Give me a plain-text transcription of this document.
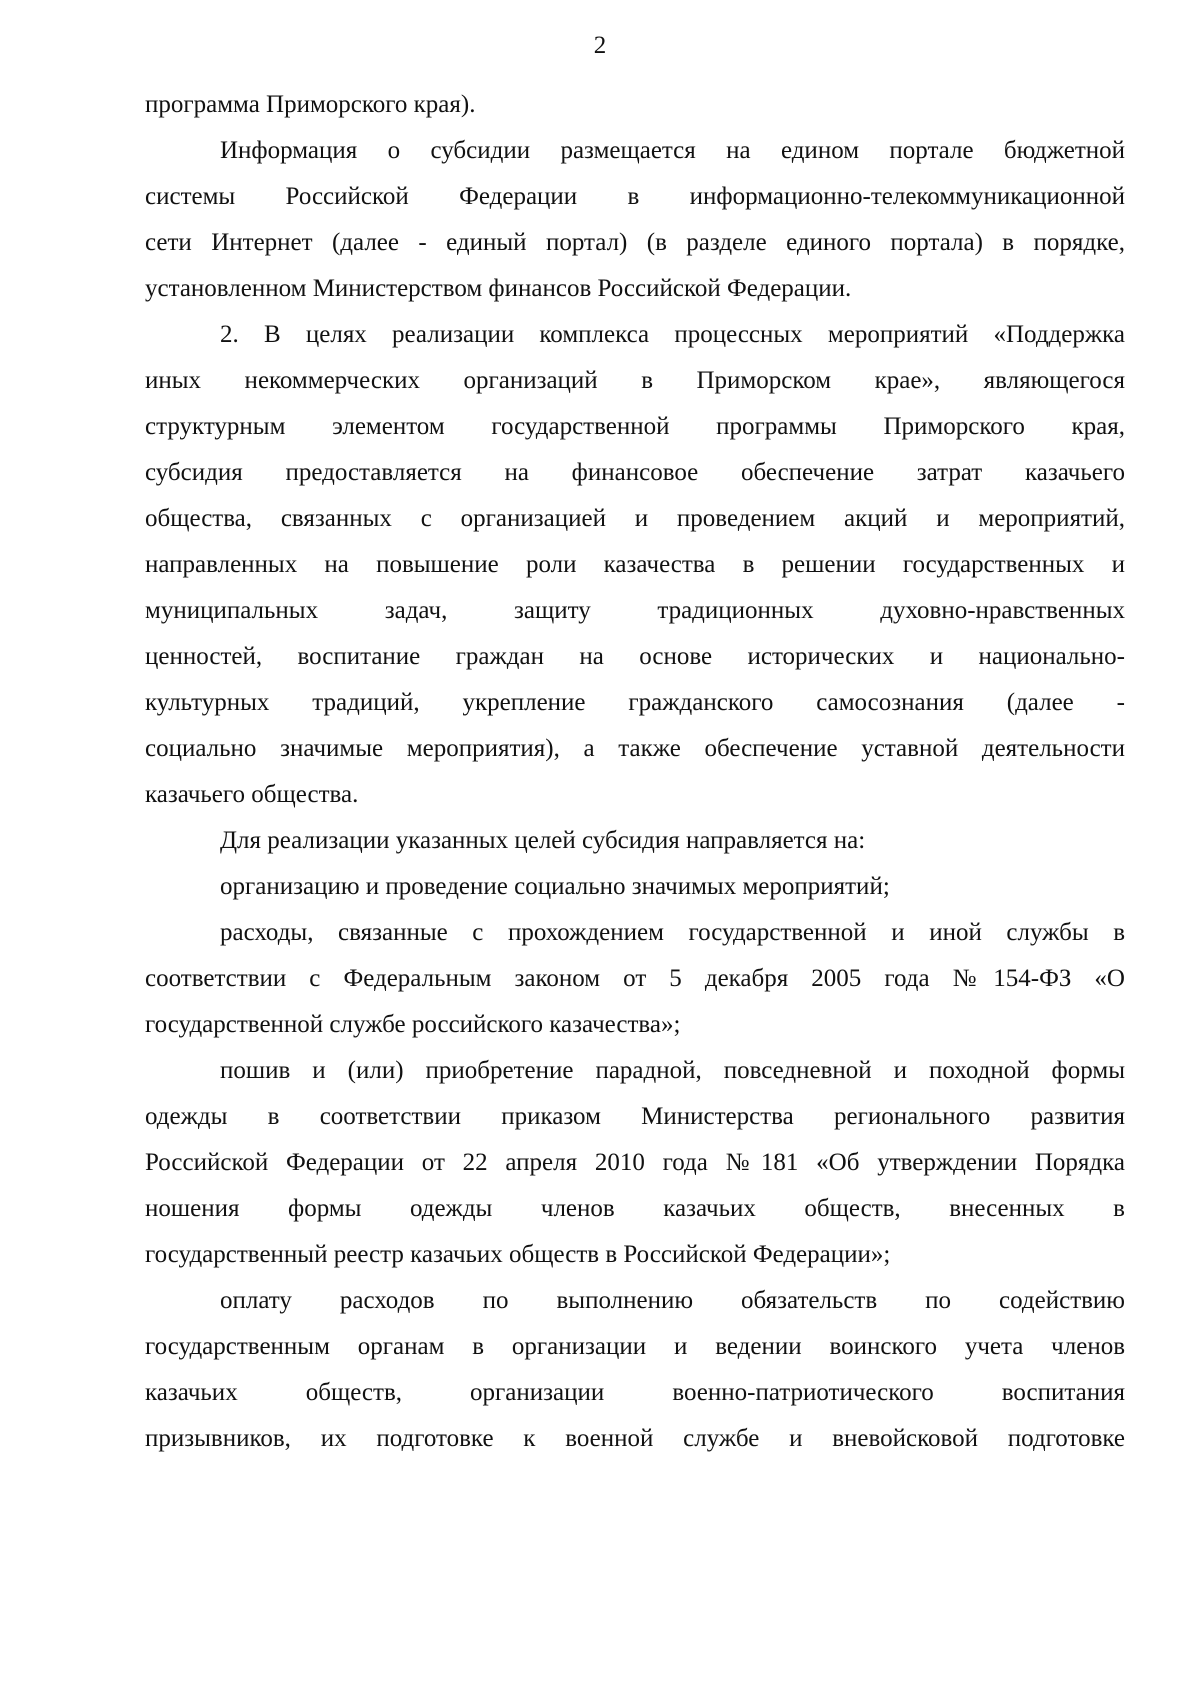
2
программа Приморского края).
Информация о субсидии размещается на едином портале бюджетной
системы Российской Федерации в информационно-телекоммуникационной
сети Интернет (далее - единый портал) (в разделе единого портала) в порядке,
установленном Министерством финансов Российской Федерации.
2. В целях реализации комплекса процессных мероприятий «Поддержка
иных некоммерческих организаций в Приморском крае», являющегося
структурным элементом государственной программы Приморского края,
субсидия предоставляется на финансовое обеспечение затрат казачьего
общества, связанных с организацией и проведением акций и мероприятий,
направленных на повышение роли казачества в решении государственных и
муниципальных задач, защиту традиционных духовно-нравственных
ценностей, воспитание граждан на основе исторических и национально-
культурных традиций, укрепление гражданского самосознания (далее -
социально значимые мероприятия), а также обеспечение уставной деятельности
казачьего общества.
Для реализации указанных целей субсидия направляется на:
организацию и проведение социально значимых мероприятий;
расходы, связанные с прохождением государственной и иной службы в
соответствии с Федеральным законом от 5 декабря 2005 года №154-ФЗ «О
государственной службе российского казачества»;
пошив и (или) приобретение парадной, повседневной и походной формы
одежды в соответствии приказом Министерства регионального развития
Российской Федерации от 22 апреля 2010 года №181 «Об утверждении Порядка
ношения формы одежды членов казачьих обществ, внесенных в
государственный реестр казачьих обществ в Российской Федерации»;
оплату расходов по выполнению обязательств по содействию
государственным органам в организации и ведении воинского учета членов
казачьих обществ, организации военно-патриотического воспитания
призывников, их подготовке к военной службе и вневойсковой подготовке
